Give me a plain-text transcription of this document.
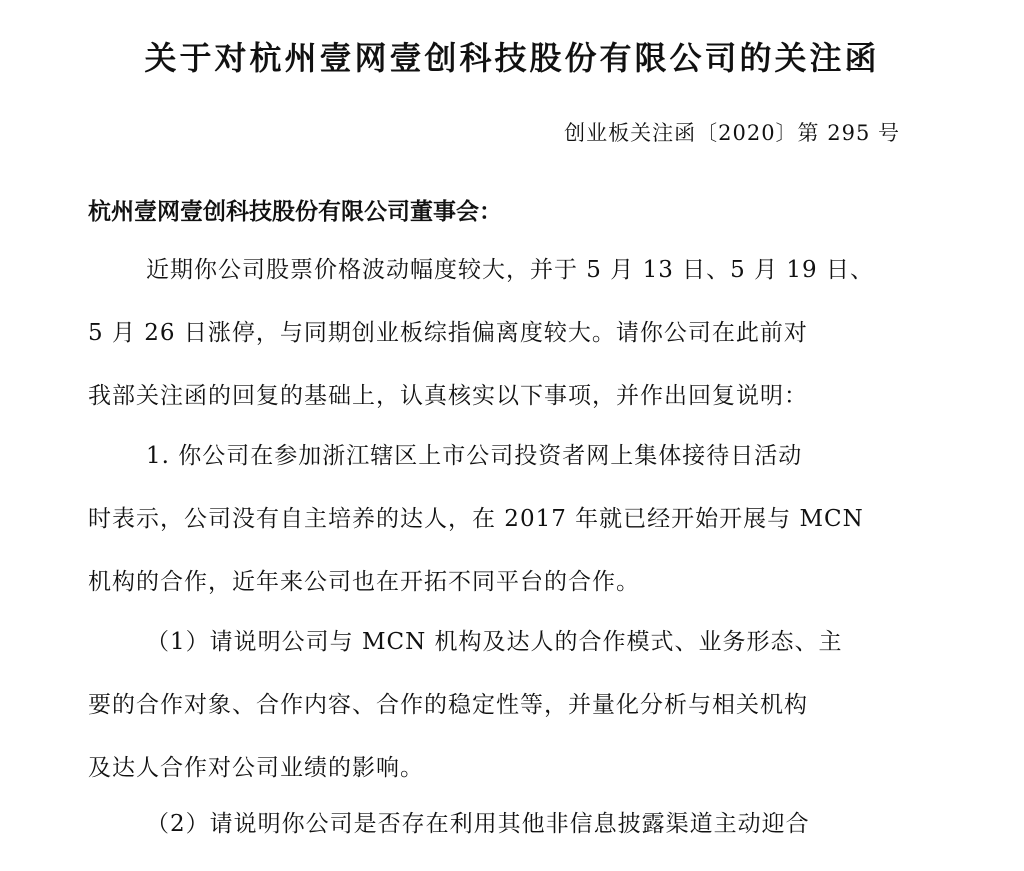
关于对杭州壹网壹创科技股份有限公司的关注函
创业板关注函〔2020〕第 295 号
杭州壹网壹创科技股份有限公司董事会：
近期你公司股票价格波动幅度较大，并于 5 月 13 日、5 月 19 日、
5 月 26 日涨停，与同期创业板综指偏离度较大。请你公司在此前对
我部关注函的回复的基础上，认真核实以下事项，并作出回复说明：
1. 你公司在参加浙江辖区上市公司投资者网上集体接待日活动
时表示，公司没有自主培养的达人，在 2017 年就已经开始开展与 MCN
机构的合作，近年来公司也在开拓不同平台的合作。
（1）请说明公司与 MCN 机构及达人的合作模式、业务形态、主
要的合作对象、合作内容、合作的稳定性等，并量化分析与相关机构
及达人合作对公司业绩的影响。
（2）请说明你公司是否存在利用其他非信息披露渠道主动迎合
